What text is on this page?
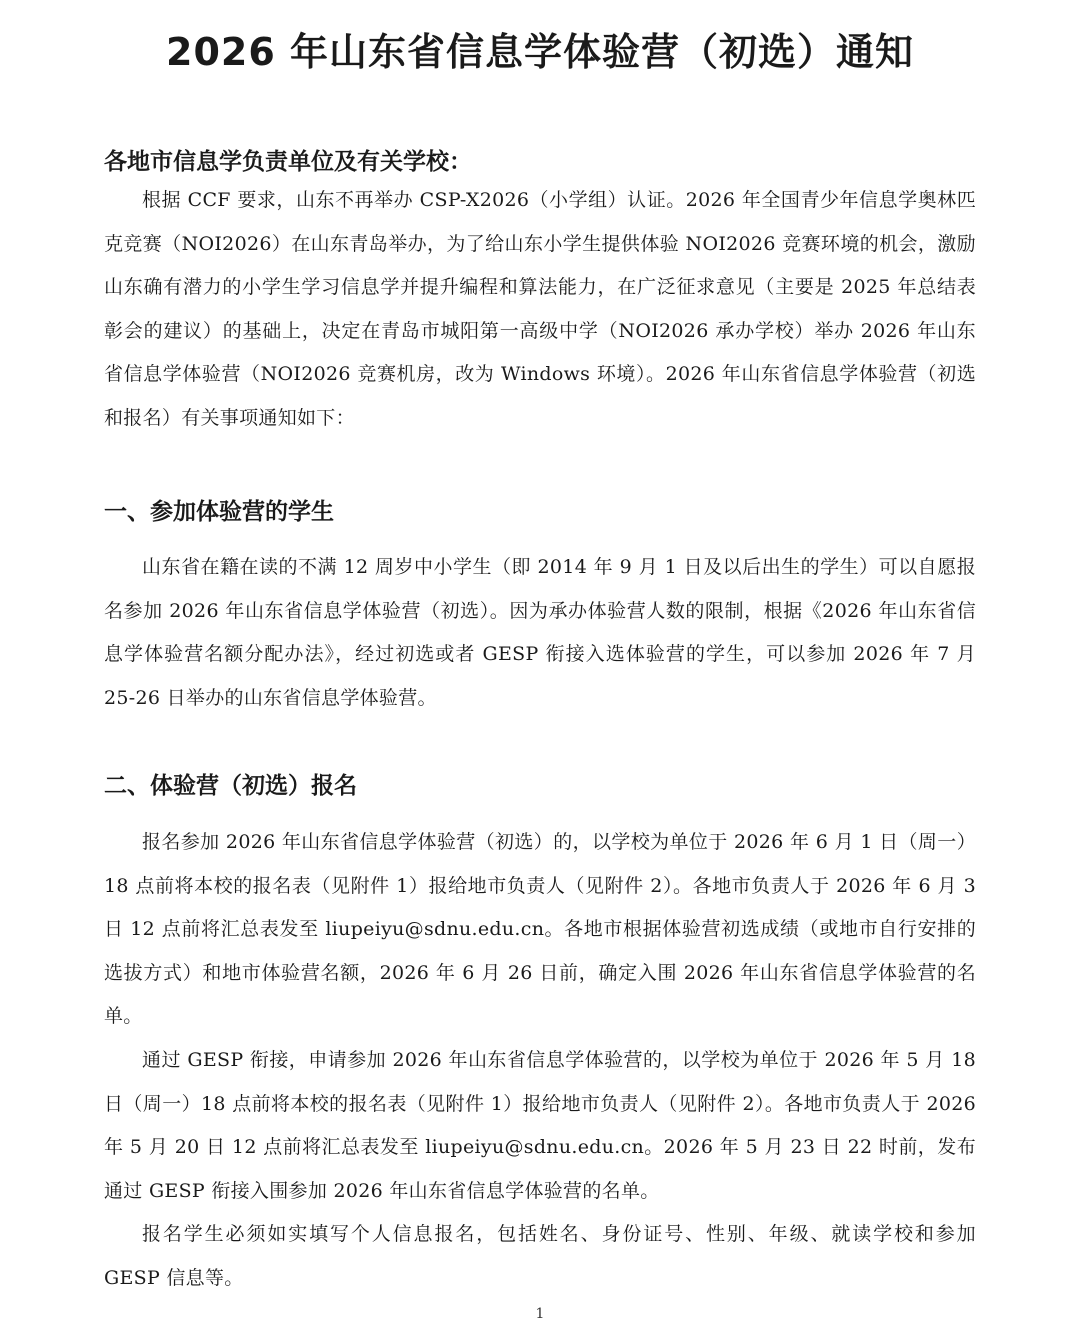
2026 年山东省信息学体验营（初选）通知

各地市信息学负责单位及有关学校：

根据 CCF 要求，山东不再举办 CSP-X2026（小学组）认证。2026 年全国青少年信息学奥林匹克竞赛（NOI2026）在山东青岛举办，为了给山东小学生提供体验 NOI2026 竞赛环境的机会，激励山东确有潜力的小学生学习信息学并提升编程和算法能力，在广泛征求意见（主要是 2025 年总结表彰会的建议）的基础上，决定在青岛市城阳第一高级中学（NOI2026 承办学校）举办 2026 年山东省信息学体验营（NOI2026 竞赛机房，改为 Windows 环境）。2026 年山东省信息学体验营（初选和报名）有关事项通知如下：

一、参加体验营的学生

山东省在籍在读的不满 12 周岁中小学生（即 2014 年 9 月 1 日及以后出生的学生）可以自愿报名参加 2026 年山东省信息学体验营（初选）。因为承办体验营人数的限制，根据《2026 年山东省信息学体验营名额分配办法》，经过初选或者 GESP 衔接入选体验营的学生，可以参加 2026 年 7 月 25-26 日举办的山东省信息学体验营。

二、体验营（初选）报名

报名参加 2026 年山东省信息学体验营（初选）的，以学校为单位于 2026 年 6 月 1 日（周一）18 点前将本校的报名表（见附件 1）报给地市负责人（见附件 2）。各地市负责人于 2026 年 6 月 3 日 12 点前将汇总表发至 liupeiyu@sdnu.edu.cn。各地市根据体验营初选成绩（或地市自行安排的选拔方式）和地市体验营名额，2026 年 6 月 26 日前，确定入围 2026 年山东省信息学体验营的名单。

通过 GESP 衔接，申请参加 2026 年山东省信息学体验营的，以学校为单位于 2026 年 5 月 18 日（周一）18 点前将本校的报名表（见附件 1）报给地市负责人（见附件 2）。各地市负责人于 2026 年 5 月 20 日 12 点前将汇总表发至 liupeiyu@sdnu.edu.cn。2026 年 5 月 23 日 22 时前，发布通过 GESP 衔接入围参加 2026 年山东省信息学体验营的名单。

报名学生必须如实填写个人信息报名，包括姓名、身份证号、性别、年级、就读学校和参加 GESP 信息等。

1
